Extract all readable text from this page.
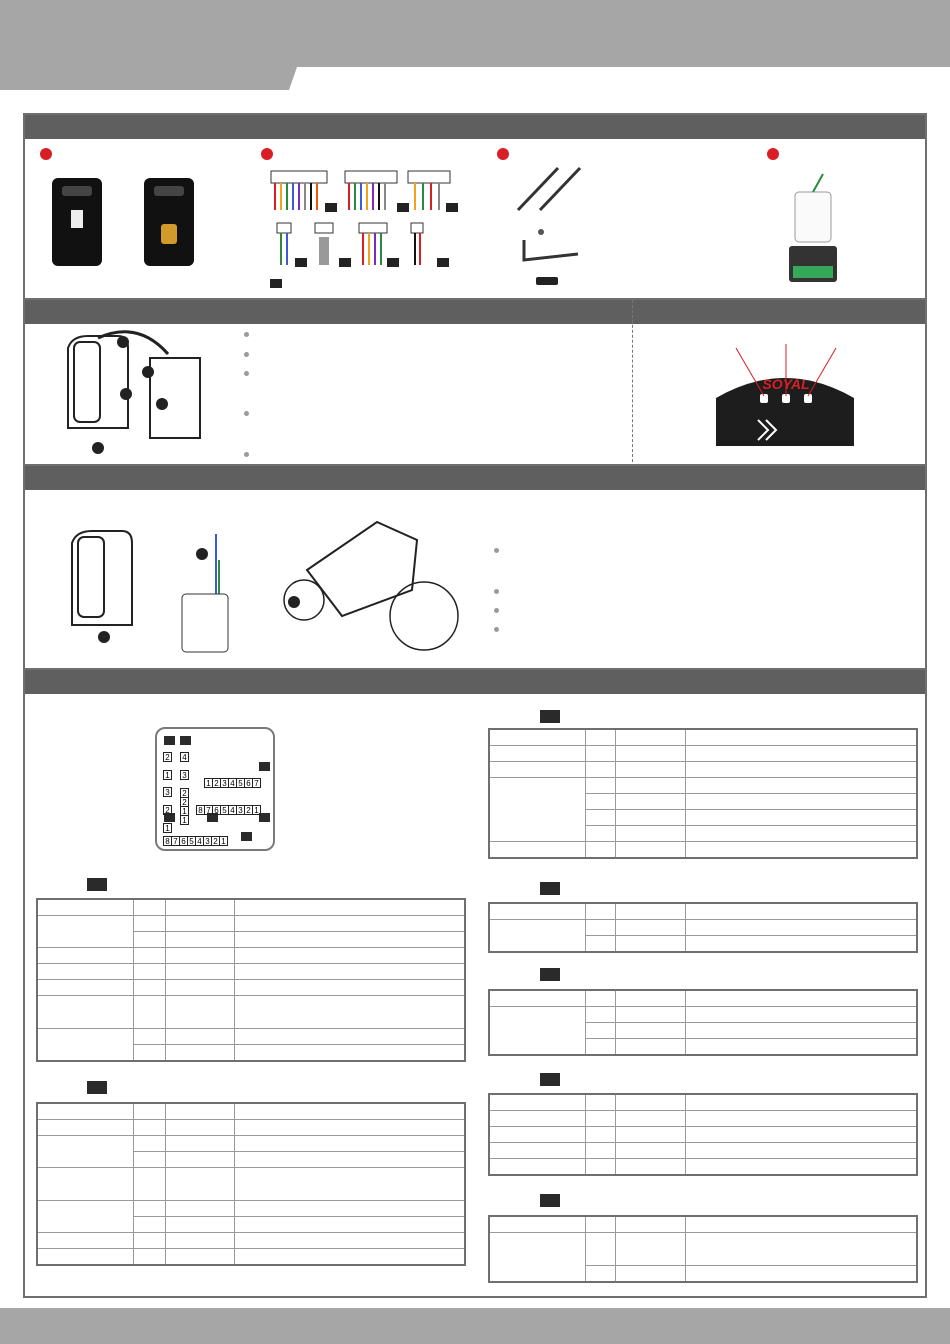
SOYAL
2 1
4 3 2 1
1 2 3 4 5 6 7
3 2 1
2 1
8 7 6 5 4 3 2 1
8 7 6 5 4 3 2 1
